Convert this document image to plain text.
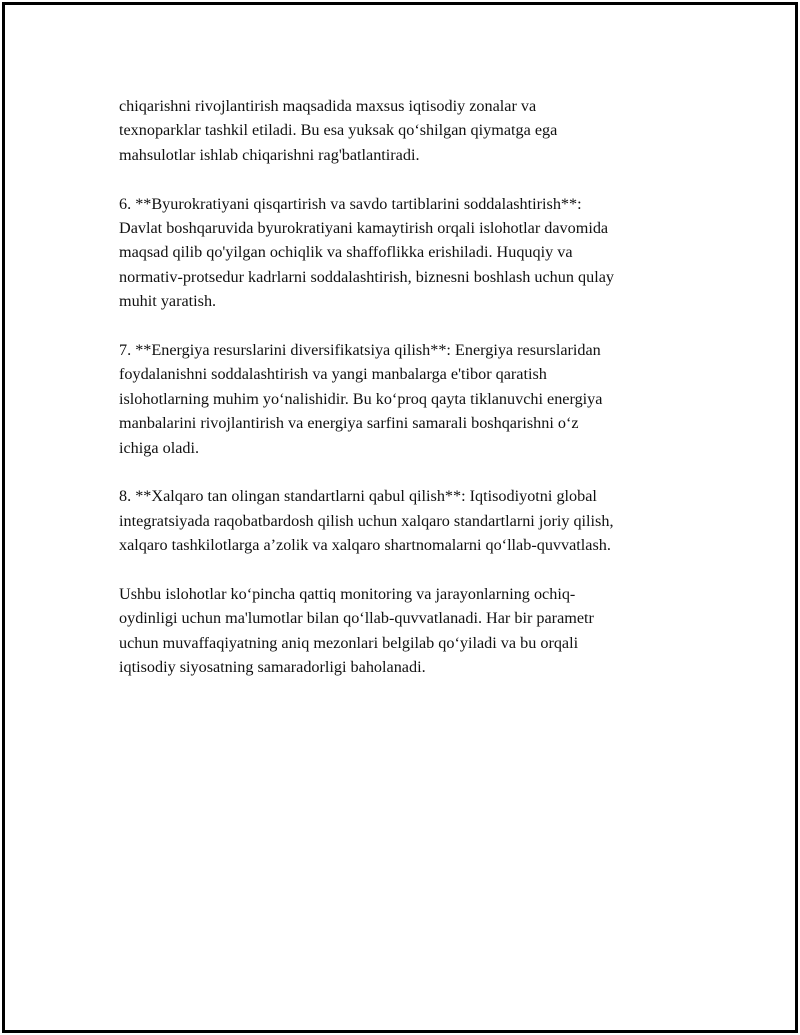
chiqarishni rivojlantirish maqsadida maxsus iqtisodiy zonalar va
texnoparklar tashkil etiladi. Bu esa yuksak qo‘shilgan qiymatga ega
mahsulotlar ishlab chiqarishni rag'batlantiradi.

6. **Byurokratiyani qisqartirish va savdo tartiblarini soddalashtirish**:
Davlat boshqaruvida byurokratiyani kamaytirish orqali islohotlar davomida
maqsad qilib qo'yilgan ochiqlik va shaffoflikka erishiladi. Huquqiy va
normativ-protsedur kadrlarni soddalashtirish, biznesni boshlash uchun qulay
muhit yaratish.

7. **Energiya resurslarini diversifikatsiya qilish**: Energiya resurslaridan
foydalanishni soddalashtirish va yangi manbalarga e'tibor qaratish
islohotlarning muhim yo‘nalishidir. Bu ko‘proq qayta tiklanuvchi energiya
manbalarini rivojlantirish va energiya sarfini samarali boshqarishni o‘z
ichiga oladi.

8. **Xalqaro tan olingan standartlarni qabul qilish**: Iqtisodiyotni global
integratsiyada raqobatbardosh qilish uchun xalqaro standartlarni joriy qilish,
xalqaro tashkilotlarga a’zolik va xalqaro shartnomalarni qo‘llab-quvvatlash.

Ushbu islohotlar ko‘pincha qattiq monitoring va jarayonlarning ochiq-
oydinligi uchun ma'lumotlar bilan qo‘llab-quvvatlanadi. Har bir parametr
uchun muvaffaqiyatning aniq mezonlari belgilab qo‘yiladi va bu orqali
iqtisodiy siyosatning samaradorligi baholanadi.
